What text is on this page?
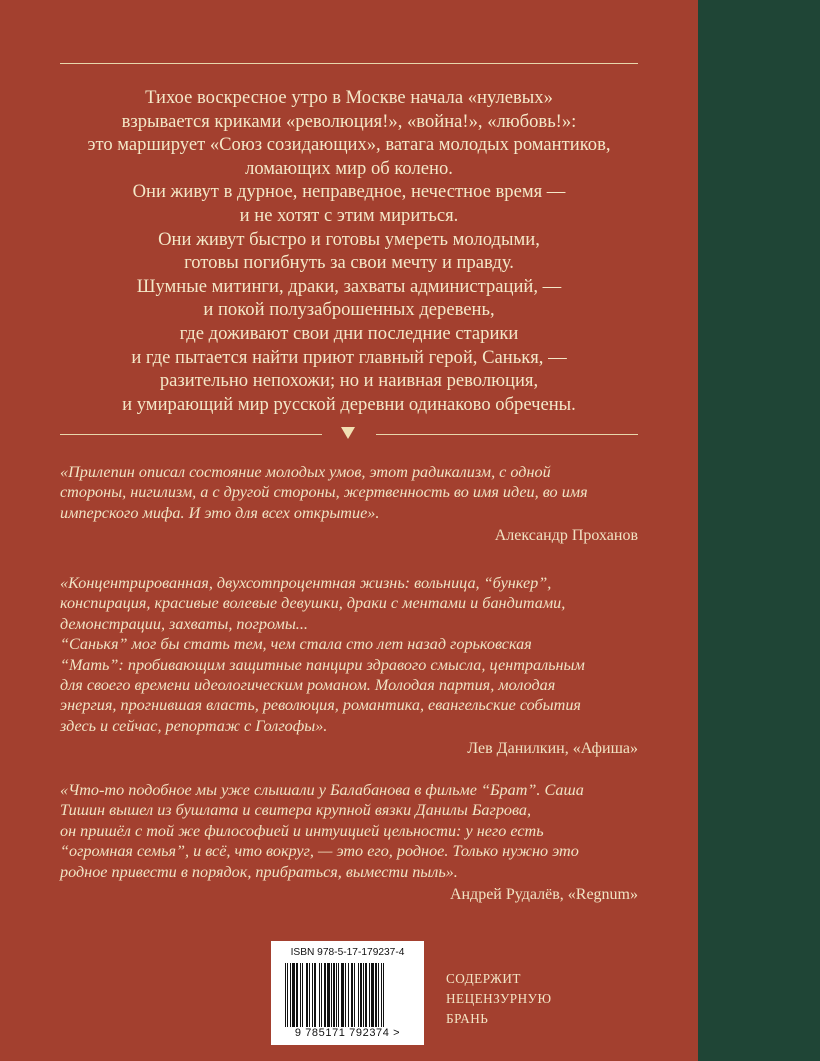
Тихое воскресное утро в Москве начала «нулевых»
взрывается криками «революция!», «война!», «любовь!»:
это марширует «Союз созидающих», ватага молодых романтиков,
ломающих мир об колено.
Они живут в дурное, неправедное, нечестное время —
и не хотят с этим мириться.
Они живут быстро и готовы умереть молодыми,
готовы погибнуть за свои мечту и правду.
Шумные митинги, драки, захваты администраций, —
и покой полузаброшенных деревень,
где доживают свои дни последние старики
и где пытается найти приют главный герой, Санькя, —
разительно непохожи; но и наивная революция,
и умирающий мир русской деревни одинаково обречены.
«Прилепин описал состояние молодых умов, этот радикализм, с одной
стороны, нигилизм, а с другой стороны, жертвенность во имя идеи, во имя
имперского мифа. И это для всех открытие».
Александр Проханов
«Концентрированная, двухсотпроцентная жизнь: вольница, “бункер”,
конспирация, красивые волевые девушки, драки с ментами и бандитами,
демонстрации, захваты, погромы...
“Санькя” мог бы стать тем, чем стала сто лет назад горьковская
“Мать”: пробивающим защитные панцири здравого смысла, центральным
для своего времени идеологическим романом. Молодая партия, молодая
энергия, прогнившая власть, революция, романтика, евангельские события
здесь и сейчас, репортаж с Голгофы».
Лев Данилкин, «Афиша»
«Что-то подобное мы уже слышали у Балабанова в фильме “Брат”. Саша
Тишин вышел из бушлата и свитера крупной вязки Данилы Багрова,
он пришёл с той же философией и интуицией цельности: у него есть
“огромная семья”, и всё, что вокруг, — это его, родное. Только нужно это
родное привести в порядок, прибраться, вымести пыль».
Андрей Рудалёв, «Regnum»
ISBN 978-5-17-179237-4
9 785171 792374 >
СОДЕРЖИТ
НЕЦЕНЗУРНУЮ
БРАНЬ
